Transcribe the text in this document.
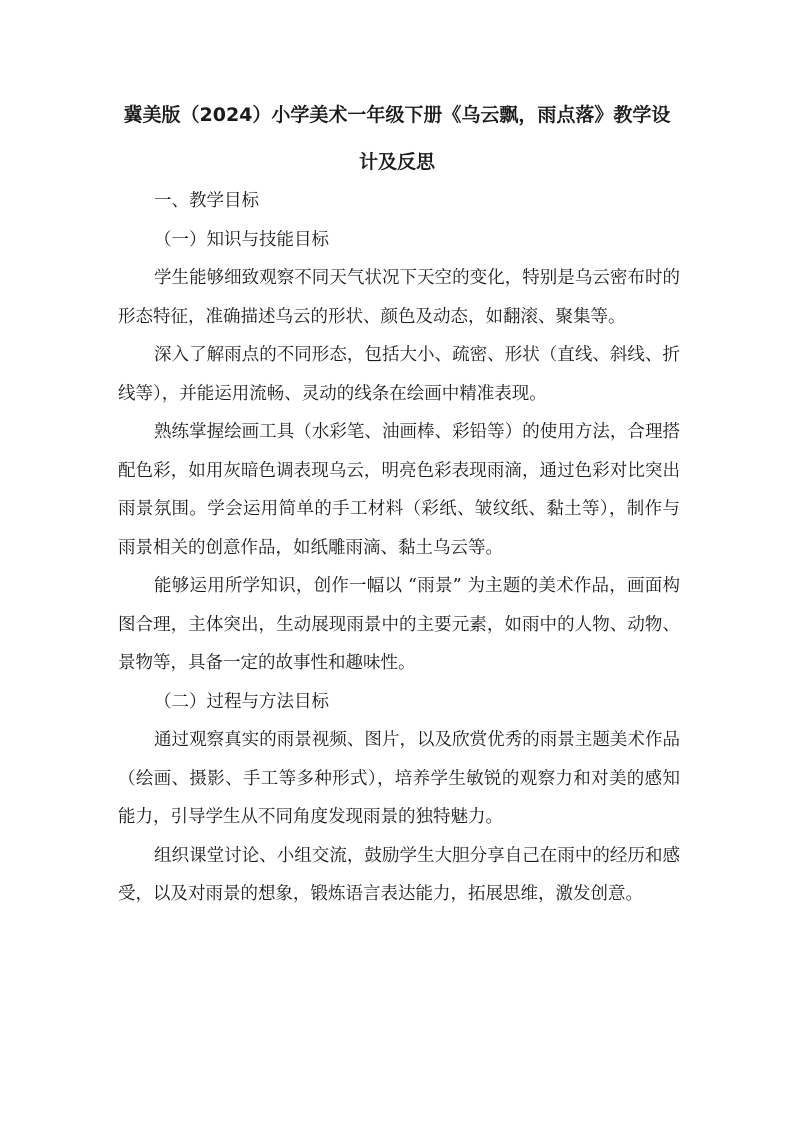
冀美版（2024）小学美术一年级下册《乌云飘，雨点落》教学设计及反思

一、教学目标

（一）知识与技能目标

学生能够细致观察不同天气状况下天空的变化，特别是乌云密布时的形态特征，准确描述乌云的形状、颜色及动态，如翻滚、聚集等。

深入了解雨点的不同形态，包括大小、疏密、形状（直线、斜线、折线等），并能运用流畅、灵动的线条在绘画中精准表现。

熟练掌握绘画工具（水彩笔、油画棒、彩铅等）的使用方法，合理搭配色彩，如用灰暗色调表现乌云，明亮色彩表现雨滴，通过色彩对比突出雨景氛围。学会运用简单的手工材料（彩纸、皱纹纸、黏土等），制作与雨景相关的创意作品，如纸雕雨滴、黏土乌云等。

能够运用所学知识，创作一幅以 “雨景” 为主题的美术作品，画面构图合理，主体突出，生动展现雨景中的主要元素，如雨中的人物、动物、景物等，具备一定的故事性和趣味性。

（二）过程与方法目标

通过观察真实的雨景视频、图片，以及欣赏优秀的雨景主题美术作品（绘画、摄影、手工等多种形式），培养学生敏锐的观察力和对美的感知能力，引导学生从不同角度发现雨景的独特魅力。

组织课堂讨论、小组交流，鼓励学生大胆分享自己在雨中的经历和感受，以及对雨景的想象，锻炼语言表达能力，拓展思维，激发创意。
